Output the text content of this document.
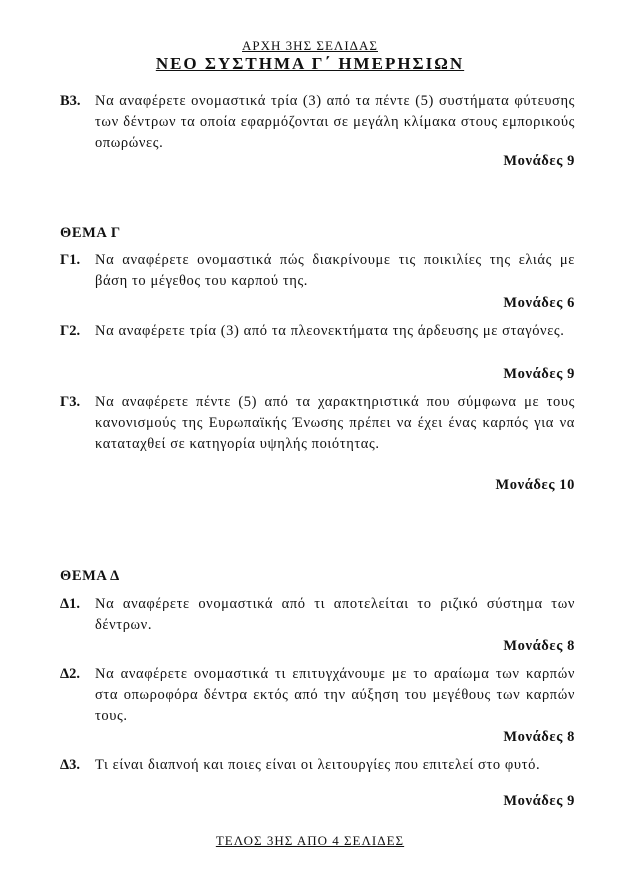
ΑΡΧΗ 3ΗΣ ΣΕΛΙΔΑΣ
ΝΕΟ ΣΥΣΤΗΜΑ Γ΄ ΗΜΕΡΗΣΙΩΝ
Β3. Να αναφέρετε ονομαστικά τρία (3) από τα πέντε (5) συστήματα φύτευσης των δέντρων τα οποία εφαρμόζονται σε μεγάλη κλίμακα στους εμπορικούς οπωρώνες.
Μονάδες 9
ΘΕΜΑ Γ
Γ1. Να αναφέρετε ονομαστικά πώς διακρίνουμε τις ποικιλίες της ελιάς με βάση το μέγεθος του καρπού της.
Μονάδες 6
Γ2. Να αναφέρετε τρία (3) από τα πλεονεκτήματα της άρδευσης με σταγόνες.
Μονάδες 9
Γ3. Να αναφέρετε πέντε (5) από τα χαρακτηριστικά που σύμφωνα με τους κανονισμούς της Ευρωπαϊκής Ένωσης πρέπει να έχει ένας καρπός για να καταταχθεί σε κατηγορία υψηλής ποιότητας.
Μονάδες 10
ΘΕΜΑ Δ
Δ1. Να αναφέρετε ονομαστικά από τι αποτελείται το ριζικό σύστημα των δέντρων.
Μονάδες 8
Δ2. Να αναφέρετε ονομαστικά τι επιτυγχάνουμε με το αραίωμα των καρπών στα οπωροφόρα δέντρα εκτός από την αύξηση του μεγέθους των καρπών τους.
Μονάδες 8
Δ3. Τι είναι διαπνοή και ποιες είναι οι λειτουργίες που επιτελεί στο φυτό.
Μονάδες 9
ΤΕΛΟΣ 3ΗΣ ΑΠΟ 4 ΣΕΛΙΔΕΣ
